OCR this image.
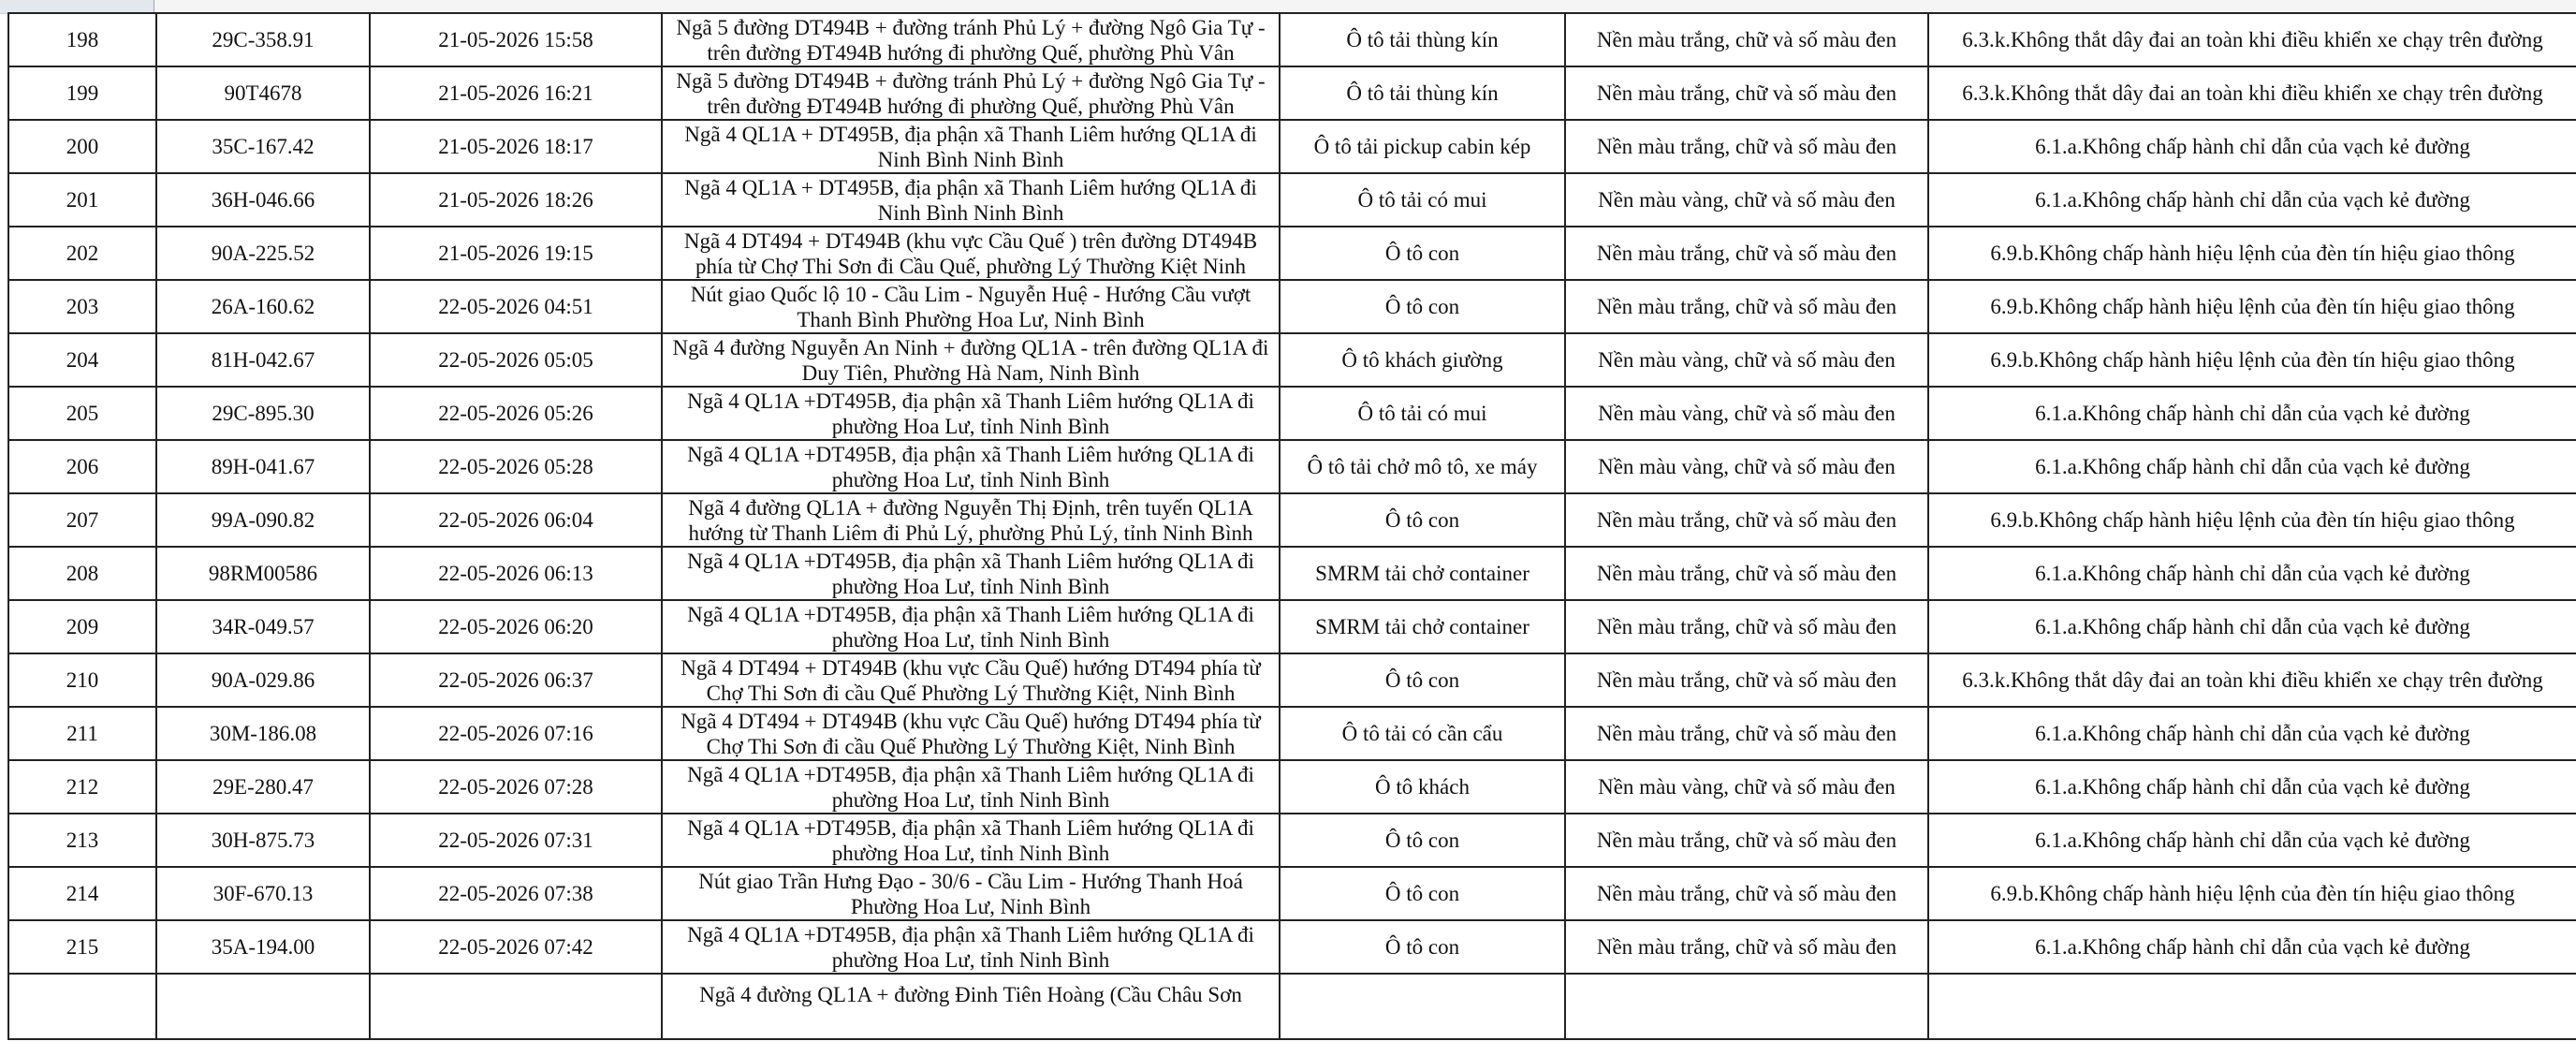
198	29C-358.91	21-05-2026 15:58	Ngã 5 đường DT494B + đường tránh Phủ Lý + đường Ngô Gia Tự - trên đường ĐT494B hướng đi phường Quế, phường Phù Vân	Ô tô tải thùng kín	Nền màu trắng, chữ và số màu đen	6.3.k.Không thắt dây đai an toàn khi điều khiển xe chạy trên đường
199	90T4678	21-05-2026 16:21	Ngã 5 đường DT494B + đường tránh Phủ Lý + đường Ngô Gia Tự - trên đường ĐT494B hướng đi phường Quế, phường Phù Vân	Ô tô tải thùng kín	Nền màu trắng, chữ và số màu đen	6.3.k.Không thắt dây đai an toàn khi điều khiển xe chạy trên đường
200	35C-167.42	21-05-2026 18:17	Ngã 4 QL1A + DT495B, địa phận xã Thanh Liêm hướng QL1A đi Ninh Bình Ninh Bình	Ô tô tải pickup cabin kép	Nền màu trắng, chữ và số màu đen	6.1.a.Không chấp hành chỉ dẫn của vạch kẻ đường
201	36H-046.66	21-05-2026 18:26	Ngã 4 QL1A + DT495B, địa phận xã Thanh Liêm hướng QL1A đi Ninh Bình Ninh Bình	Ô tô tải có mui	Nền màu vàng, chữ và số màu đen	6.1.a.Không chấp hành chỉ dẫn của vạch kẻ đường
202	90A-225.52	21-05-2026 19:15	Ngã 4 DT494 + DT494B (khu vực Cầu Quế ) trên đường DT494B phía từ Chợ Thi Sơn đi Cầu Quế, phường Lý Thường Kiệt Ninh	Ô tô con	Nền màu trắng, chữ và số màu đen	6.9.b.Không chấp hành hiệu lệnh của đèn tín hiệu giao thông
203	26A-160.62	22-05-2026 04:51	Nút giao Quốc lộ 10 - Cầu Lim - Nguyễn Huệ - Hướng Cầu vượt Thanh Bình Phường Hoa Lư, Ninh Bình	Ô tô con	Nền màu trắng, chữ và số màu đen	6.9.b.Không chấp hành hiệu lệnh của đèn tín hiệu giao thông
204	81H-042.67	22-05-2026 05:05	Ngã 4 đường Nguyễn An Ninh + đường QL1A - trên đường QL1A đi Duy Tiên, Phường Hà Nam, Ninh Bình	Ô tô khách giường	Nền màu vàng, chữ và số màu đen	6.9.b.Không chấp hành hiệu lệnh của đèn tín hiệu giao thông
205	29C-895.30	22-05-2026 05:26	Ngã 4 QL1A +DT495B, địa phận xã Thanh Liêm hướng QL1A đi phường Hoa Lư, tỉnh Ninh Bình	Ô tô tải có mui	Nền màu vàng, chữ và số màu đen	6.1.a.Không chấp hành chỉ dẫn của vạch kẻ đường
206	89H-041.67	22-05-2026 05:28	Ngã 4 QL1A +DT495B, địa phận xã Thanh Liêm hướng QL1A đi phường Hoa Lư, tỉnh Ninh Bình	Ô tô tải chở mô tô, xe máy	Nền màu vàng, chữ và số màu đen	6.1.a.Không chấp hành chỉ dẫn của vạch kẻ đường
207	99A-090.82	22-05-2026 06:04	Ngã 4 đường QL1A + đường Nguyễn Thị Định, trên tuyến QL1A hướng từ Thanh Liêm đi Phủ Lý, phường Phủ Lý, tỉnh Ninh Bình	Ô tô con	Nền màu trắng, chữ và số màu đen	6.9.b.Không chấp hành hiệu lệnh của đèn tín hiệu giao thông
208	98RM00586	22-05-2026 06:13	Ngã 4 QL1A +DT495B, địa phận xã Thanh Liêm hướng QL1A đi phường Hoa Lư, tỉnh Ninh Bình	SMRM tải chở container	Nền màu trắng, chữ và số màu đen	6.1.a.Không chấp hành chỉ dẫn của vạch kẻ đường
209	34R-049.57	22-05-2026 06:20	Ngã 4 QL1A +DT495B, địa phận xã Thanh Liêm hướng QL1A đi phường Hoa Lư, tỉnh Ninh Bình	SMRM tải chở container	Nền màu trắng, chữ và số màu đen	6.1.a.Không chấp hành chỉ dẫn của vạch kẻ đường
210	90A-029.86	22-05-2026 06:37	Ngã 4 DT494 + DT494B (khu vực Cầu Quế) hướng DT494 phía từ Chợ Thi Sơn đi cầu Quế Phường Lý Thường Kiệt, Ninh Bình	Ô tô con	Nền màu trắng, chữ và số màu đen	6.3.k.Không thắt dây đai an toàn khi điều khiển xe chạy trên đường
211	30M-186.08	22-05-2026 07:16	Ngã 4 DT494 + DT494B (khu vực Cầu Quế) hướng DT494 phía từ Chợ Thi Sơn đi cầu Quế Phường Lý Thường Kiệt, Ninh Bình	Ô tô tải có cần cẩu	Nền màu trắng, chữ và số màu đen	6.1.a.Không chấp hành chỉ dẫn của vạch kẻ đường
212	29E-280.47	22-05-2026 07:28	Ngã 4 QL1A +DT495B, địa phận xã Thanh Liêm hướng QL1A đi phường Hoa Lư, tỉnh Ninh Bình	Ô tô khách	Nền màu vàng, chữ và số màu đen	6.1.a.Không chấp hành chỉ dẫn của vạch kẻ đường
213	30H-875.73	22-05-2026 07:31	Ngã 4 QL1A +DT495B, địa phận xã Thanh Liêm hướng QL1A đi phường Hoa Lư, tỉnh Ninh Bình	Ô tô con	Nền màu trắng, chữ và số màu đen	6.1.a.Không chấp hành chỉ dẫn của vạch kẻ đường
214	30F-670.13	22-05-2026 07:38	Nút giao Trần Hưng Đạo - 30/6 - Cầu Lim - Hướng Thanh Hoá Phường Hoa Lư, Ninh Bình	Ô tô con	Nền màu trắng, chữ và số màu đen	6.9.b.Không chấp hành hiệu lệnh của đèn tín hiệu giao thông
215	35A-194.00	22-05-2026 07:42	Ngã 4 QL1A +DT495B, địa phận xã Thanh Liêm hướng QL1A đi phường Hoa Lư, tỉnh Ninh Bình	Ô tô con	Nền màu trắng, chữ và số màu đen	6.1.a.Không chấp hành chỉ dẫn của vạch kẻ đường
			Ngã 4 đường QL1A + đường Đinh Tiên Hoàng (Cầu Châu Sơn			
